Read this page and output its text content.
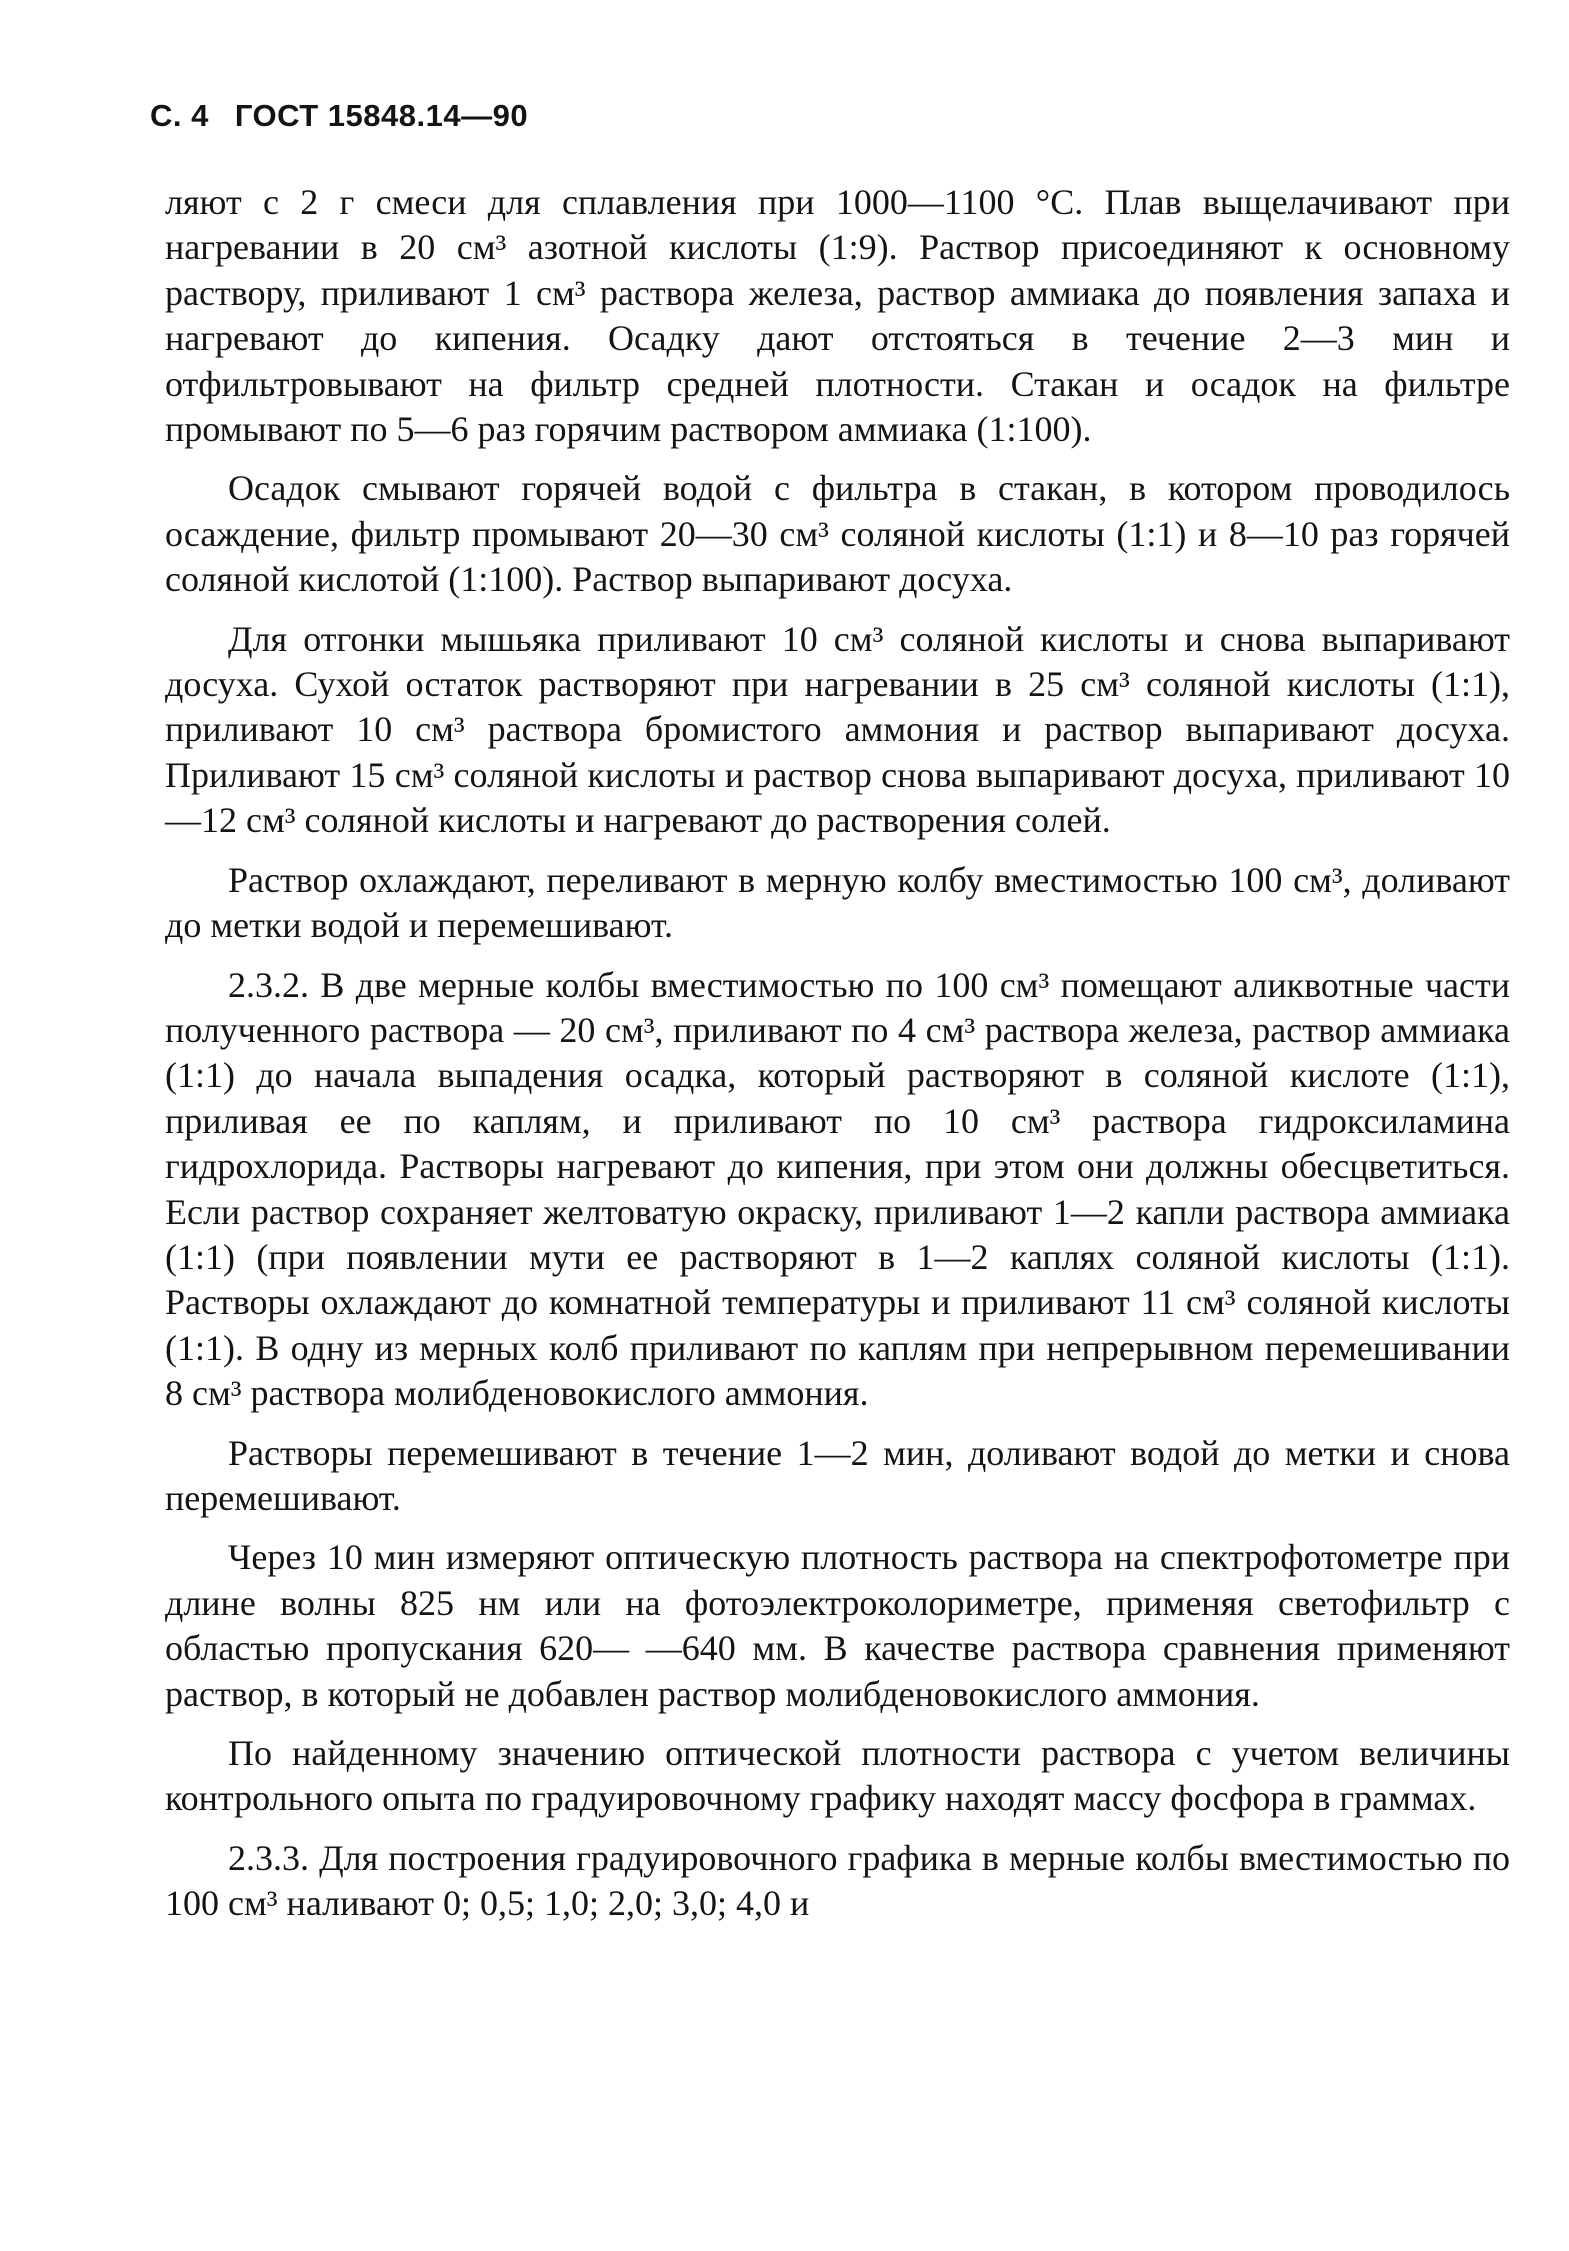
С. 4 ГОСТ 15848.14—90

ляют с 2 г смеси для сплавления при 1000—1100 °С. Плав выщелачивают при нагревании в 20 см³ азотной кислоты (1:9). Раствор присоединяют к основному раствору, приливают 1 см³ раствора железа, раствор аммиака до появления запаха и нагревают до кипения. Осадку дают отстояться в течение 2—3 мин и отфильтровывают на фильтр средней плотности. Стакан и осадок на фильтре промывают по 5—6 раз горячим раствором аммиака (1:100).

Осадок смывают горячей водой с фильтра в стакан, в котором проводилось осаждение, фильтр промывают 20—30 см³ соляной кислоты (1:1) и 8—10 раз горячей соляной кислотой (1:100). Раствор выпаривают досуха.

Для отгонки мышьяка приливают 10 см³ соляной кислоты и снова выпаривают досуха. Сухой остаток растворяют при нагревании в 25 см³ соляной кислоты (1:1), приливают 10 см³ раствора бромистого аммония и раствор выпаривают досуха. Приливают 15 см³ соляной кислоты и раствор снова выпаривают досуха, приливают 10—12 см³ соляной кислоты и нагревают до растворения солей.

Раствор охлаждают, переливают в мерную колбу вместимостью 100 см³, доливают до метки водой и перемешивают.

2.3.2. В две мерные колбы вместимостью по 100 см³ помещают аликвотные части полученного раствора — 20 см³, приливают по 4 см³ раствора железа, раствор аммиака (1:1) до начала выпадения осадка, который растворяют в соляной кислоте (1:1), приливая ее по каплям, и приливают по 10 см³ раствора гидроксиламина гидрохлорида. Растворы нагревают до кипения, при этом они должны обесцветиться. Если раствор сохраняет желтоватую окраску, приливают 1—2 капли раствора аммиака (1:1) (при появлении мути ее растворяют в 1—2 каплях соляной кислоты (1:1). Растворы охлаждают до комнатной температуры и приливают 11 см³ соляной кислоты (1:1). В одну из мерных колб приливают по каплям при непрерывном перемешивании 8 см³ раствора молибденовокислого аммония.

Растворы перемешивают в течение 1—2 мин, доливают водой до метки и снова перемешивают.

Через 10 мин измеряют оптическую плотность раствора на спектрофотометре при длине волны 825 нм или на фотоэлектроколориметре, применяя светофильтр с областью пропускания 620— —640 мм. В качестве раствора сравнения применяют раствор, в который не добавлен раствор молибденовокислого аммония.

По найденному значению оптической плотности раствора с учетом величины контрольного опыта по градуировочному графику находят массу фосфора в граммах.

2.3.3. Для построения градуировочного графика в мерные колбы вместимостью по 100 см³ наливают 0; 0,5; 1,0; 2,0; 3,0; 4,0 и
